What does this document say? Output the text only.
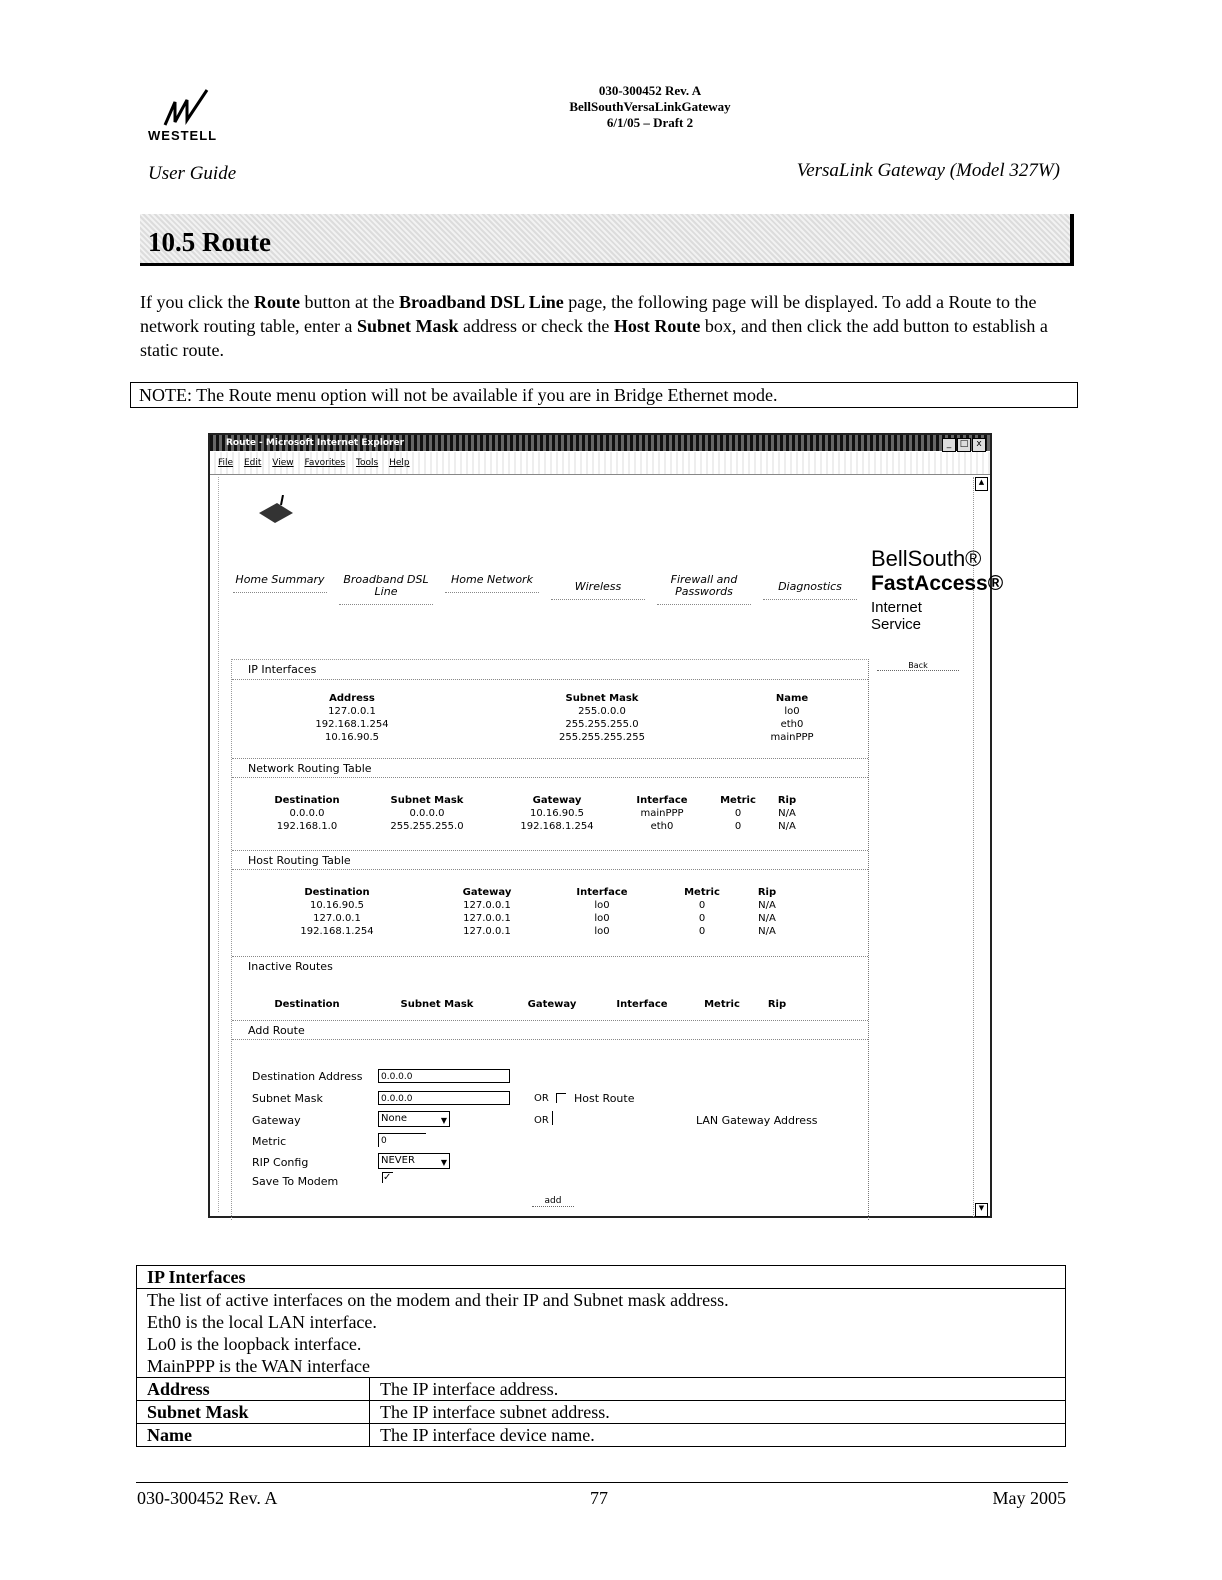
WESTELL
030-300452 Rev. A
BellSouthVersaLinkGateway
6/1/05 – Draft 2
User Guide	VersaLink Gateway (Model 327W)
10.5 Route
If you click the Route button at the Broadband DSL Line page, the following page will be displayed. To add a Route to the network routing table, enter a Subnet Mask address or check the Host Route box, and then click the add button to establish a static route.
NOTE: The Route menu option will not be available if you are in Bridge Ethernet mode.
Route - Microsoft Internet Explorer	_ □ x
File Edit View Favorites Tools Help
▲
▼
Home Summary	Broadband DSL Line
Home Network
Wireless
Firewall and Passwords	Diagnostics
BellSouth®
FastAccess®
Internet Service
Back
IP Interfaces
Address	Subnet Mask	Name
127.0.0.1	255.0.0.0	lo0
192.168.1.254	255.255.255.0	eth0
10.16.90.5	255.255.255.255	mainPPP
Network Routing Table
Destination	Subnet Mask	Gateway	Interface	Metric	Rip
0.0.0.0	0.0.0.0	10.16.90.5	mainPPP	0	N/A
192.168.1.0	255.255.255.0	192.168.1.254	eth0	0	N/A
Host Routing Table
Destination	Gateway	Interface	Metric	Rip
10.16.90.5	127.0.0.1	lo0	0	N/A
127.0.0.1	127.0.0.1	lo0	0	N/A
192.168.1.254	127.0.0.1	lo0	0	N/A
Inactive Routes
Destination	Subnet Mask	Gateway	Interface	Metric	Rip
Add Route
Destination Address	0.0.0.0
Subnet Mask	0.0.0.0	OR Host Route
Gateway	None	▼	OR	LAN Gateway Address
Metric	0
RIP Config	NEVER	▼
Save To Modem	✓
add
IP Interfaces	

The list of active interfaces on the modem and their IP and Subnet mask address.
Eth0 is the local LAN interface.
Lo0 is the loopback interface.
MainPPP is the WAN interface	

Address	The IP interface address.
Subnet Mask	The IP interface subnet address.
Name	The IP interface device name.
030-300452 Rev. A	77	May 2005
